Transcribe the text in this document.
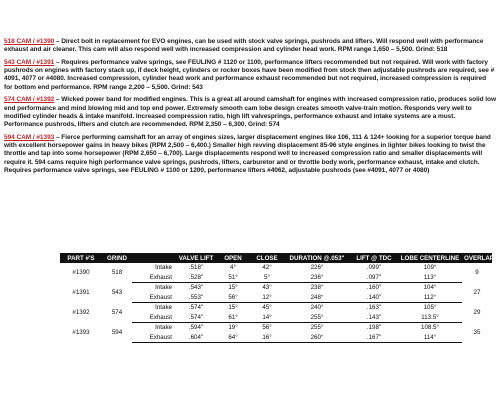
518 CAM / #1390 – Direct bolt in replacement for EVO engines, can be used with stock valve springs, pushrods and lifters. Will respond well with performance exhaust and air cleaner. This cam will also respond well with increased compression and cylinder head work. RPM range 1,650 – 5,500. Grind: 518

543 CAM / #1391 – Requires performance valve springs, see FEULING # 1120 or 1100, performance lifters recommended but not required. Will work with factory pushrods on engines with factory stack up, if deck height, cylinders or rocker boxes have been modified from stock then adjustable pushrods are required, see # 4091, 4077 or #4080. Increased compression, cylinder head work and performance exhaust recommended but not required, increased compression is required for bottom end performance. RPM range 2,200 – 5,500. Grind: 543

574 CAM / #1392 – Wicked power band for modified engines. This is a great all around camshaft for engines with increased compression ratio, produces solid low end performance and mind blowing mid and top end power. Extremely smooth cam lobe design creates smooth valve-train motion. Responds very well to modified cylinder heads & intake manifold. Increased compression ratio, high lift valvesprings, performance exhaust and intake systems are a must. Performance pushrods, lifters and clutch are recommended. RPM 2,350 – 6,300. Grind: 574

594 CAM / #1393 – Fierce performing camshaft for an array of engines sizes, larger displacement engines like 106, 111 & 124+ looking for a superior torque band with excellent horsepower gains in heavy bikes (RPM 2,500 – 6,400.) Smaller high revving displacement 85-96 style engines in lighter bikes looking to twist the throttle and tap into some horsepower (RPM 2,650 – 6,700). Large displacements respond well to increased compression ratio and smaller displacements will require it. 594 cams require high performance valve springs, pushrods, lifters, carburetor and or throttle body work, performance exhaust, intake and clutch. Requires performance valve springs, see FEULING # 1100 or 1200, performance lifters #4062, adjustable pushrods (see #4091, 4077 or 4080)

PART #'S	GRIND		VALVE LIFT	OPEN	CLOSE	DURATION @.053"	LIFT @ TDC	LOBE CENTERLINE	OVERLAP
#1390	518	Intake	.518"	4°	42°	226°	.099"	109°	9
		Exhaust	.528"	51°	5°	236°	.097"	113°	
#1391	543	Intake	.543"	15°	43°	238°	.160"	104°	27
		Exhaust	.553"	56°	12°	248°	.140"	112°	
#1392	574	Intake	.574"	15°	45°	240°	.163"	105°	29
		Exhaust	.574"	61°	14°	255°	.143"	113.5°	
#1393	594	Intake	.594"	19°	56°	255°	.198"	108.5°	35
		Exhaust	.604"	64°	16°	260°	.167"	114°	
